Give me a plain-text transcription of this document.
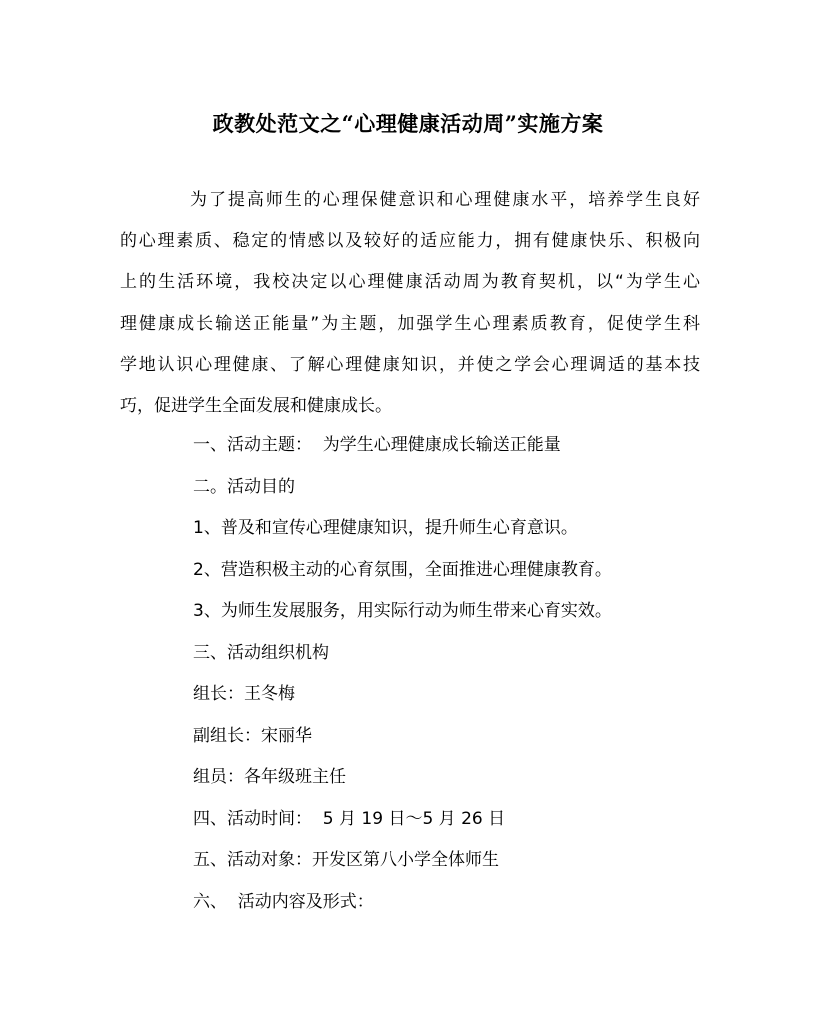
政教处范文之“心理健康活动周”实施方案
为了提高师生的心理保健意识和心理健康水平，培养学生良好
的心理素质、稳定的情感以及较好的适应能力，拥有健康快乐、积极向
上的生活环境，我校决定以心理健康活动周为教育契机，以“为学生心
理健康成长输送正能量”为主题，加强学生心理素质教育，促使学生科
学地认识心理健康、了解心理健康知识，并使之学会心理调适的基本技
巧，促进学生全面发展和健康成长。
一、活动主题：  为学生心理健康成长输送正能量
二。活动目的
1、普及和宣传心理健康知识，提升师生心育意识。
2、营造积极主动的心育氛围，全面推进心理健康教育。
3、为师生发展服务，用实际行动为师生带来心育实效。
三、活动组织机构
组长：王冬梅
副组长：宋丽华
组员：各年级班主任
四、活动时间：  5 月 19 日～5 月 26 日
五、活动对象：开发区第八小学全体师生
六、  活动内容及形式：
